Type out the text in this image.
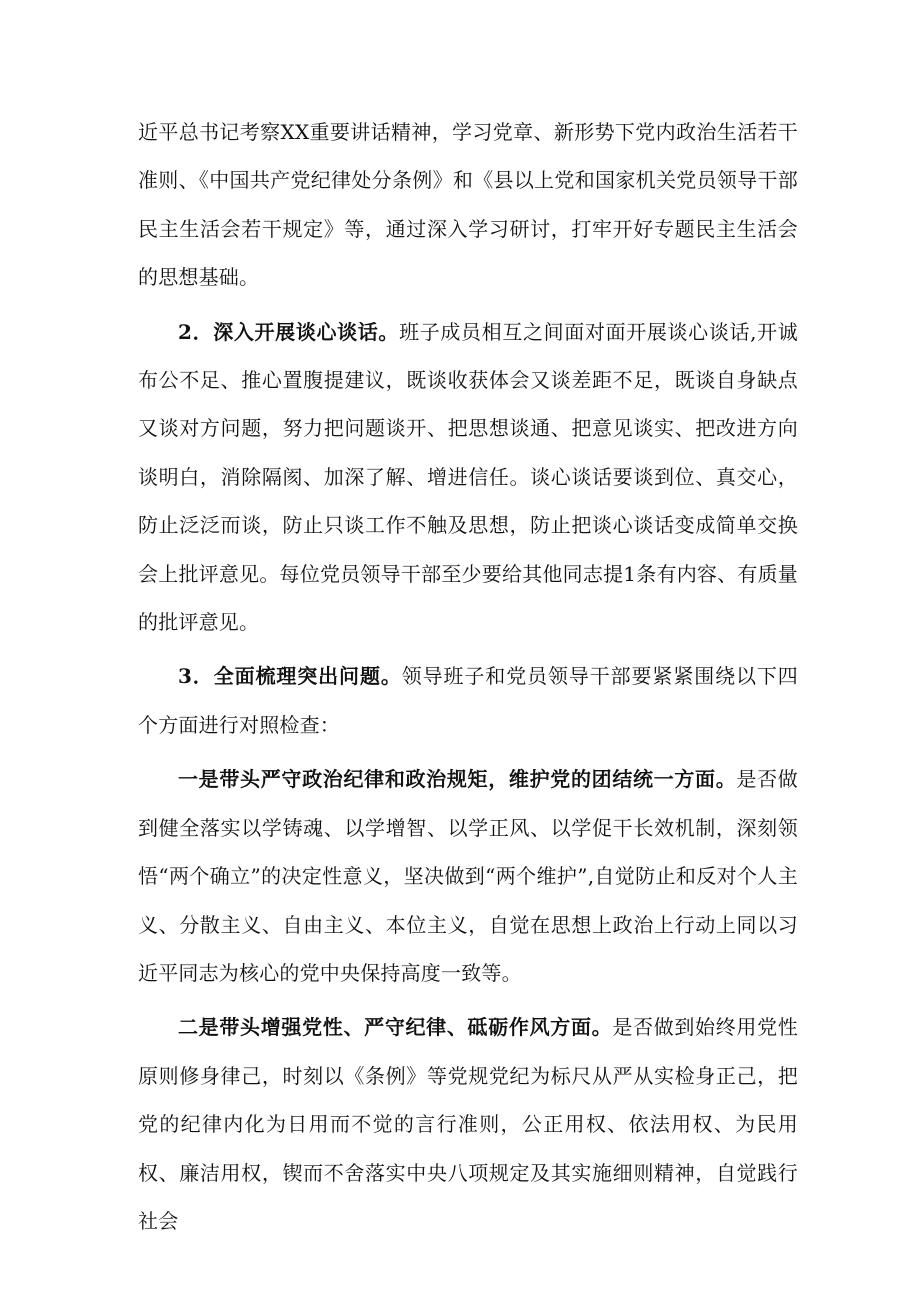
近平总书记考察XX重要讲话精神，学习党章、新形势下党内政治生活若干准则、《中国共产党纪律处分条例》和《县以上党和国家机关党员领导干部民主生活会若干规定》等，通过深入学习研讨，打牢开好专题民主生活会的思想基础。

2．深入开展谈心谈话。班子成员相互之间面对面开展谈心谈话,开诚布公不足、推心置腹提建议，既谈收获体会又谈差距不足，既谈自身缺点又谈对方问题，努力把问题谈开、把思想谈通、把意见谈实、把改进方向谈明白，消除隔阂、加深了解、增进信任。谈心谈话要谈到位、真交心，防止泛泛而谈，防止只谈工作不触及思想，防止把谈心谈话变成简单交换会上批评意见。每位党员领导干部至少要给其他同志提1条有内容、有质量的批评意见。

3．全面梳理突出问题。领导班子和党员领导干部要紧紧围绕以下四个方面进行对照检查：

一是带头严守政治纪律和政治规矩，维护党的团结统一方面。是否做到健全落实以学铸魂、以学增智、以学正风、以学促干长效机制，深刻领悟“两个确立”的决定性意义，坚决做到“两个维护”,自觉防止和反对个人主义、分散主义、自由主义、本位主义，自觉在思想上政治上行动上同以习近平同志为核心的党中央保持高度一致等。

二是带头增强党性、严守纪律、砥砺作风方面。是否做到始终用党性原则修身律己，时刻以《条例》等党规党纪为标尺从严从实检身正己，把党的纪律内化为日用而不觉的言行准则，公正用权、依法用权、为民用权、廉洁用权，锲而不舍落实中央八项规定及其实施细则精神，自觉践行社会
